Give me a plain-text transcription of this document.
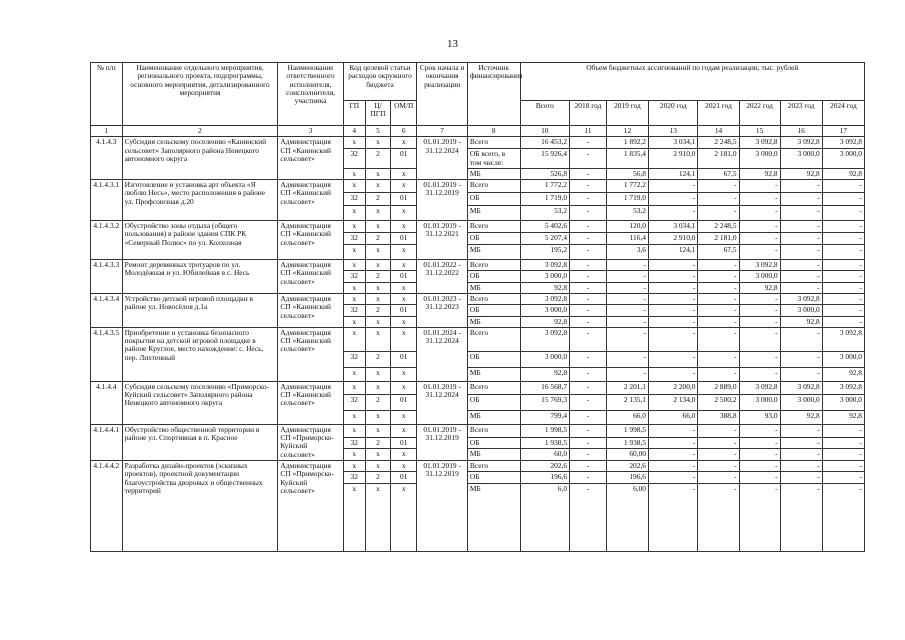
13
№ п/п	Наименование отдельного мероприятия, регионального проекта, подпрограммы, основного мероприятия, детализированного мероприятия	Наименование ответственного исполнителя, соисполнителя, участника	Код целевой статьи расходов окружного бюджета			Срок начала и окончания реализации	Источник финансирования	Объем бюджетных ассигнований по годам реализации, тыс. рублей							
			ГП	Ц/ПГП	ОМ/П			Всего	2018 год	2019 год	2020 год	2021 год	2022 год	2023 год	2024 год
1	2	3	4	5	6	7	8	10	11	12	13	14	15	16	17
4.1.4.3	Субсидия сельскому поселению «Канинский сельсовет» Заполярного района Ненецкого автономного округа	Администрация СП «Канинский сельсовет»	x	x	x	01.01.2019 - 31.12.2024	Всего	16 453,2	-	1 892,2	3 034,1	2 248,5	3 092,8	3 092,8	3 092,8
			32	2	01		ОБ всего, в том числе:	15 926,4	-	1 835,4	2 910,0	2 181,0	3 000,0	3 000,0	3 000,0
			x	x	x		МБ	526,8	-	56,8	124,1	67,5	92,8	92,8	92,8
4.1.4.3.1	Изготовление и установка арт объекта «Я люблю Несь», место расположения в районе ул. Профсоюзная д.20	Администрация СП «Канинский сельсовет»	x	x	x	01.01.2019 - 31.12.2019	Всего	1 772,2	-	1 772,2	-	-	-	-	-
			32	2	01		ОБ	1 719,0	-	1 719,0	-	-	-	-	-
			x	x	x		МБ	53,2	-	53,2	-	-	-	-	-
4.1.4.3.2	Обустройство зоны отдыха (общего пользования) в районе здания СПК РК «Северный Полюс» по ул. Колхозная	Администрация СП «Канинский сельсовет»	x	x	x	01.01.2019 - 31.12.2021	Всего	5 402,6	-	120,0	3 034,1	2 248,5	-	-	-
			32	2	01		ОБ	5 207,4	-	116,4	2 910,0	2 181,0	-	-	-
			x	x	x		МБ	195,2	-	3,6	124,1	67,5	-	-	-
4.1.4.3.3	Ремонт деревянных тротуаров по ул. Молодёжная и ул. Юбилейная в с. Несь	Администрация СП «Канинский сельсовет»	x	x	x	01.01.2022 - 31.12.2022	Всего	3 092,8	-	-	-	-	3 092,8	-	-
			32	2	01		ОБ	3 000,0	-	-	-	-	3 000,0	-	-
			x	x	x		МБ	92,8	-	-	-	-	92,8	-	-
4.1.4.3.4	Устройство детской игровой площадки в районе ул. Новосёлов д.1а	Администрация СП «Канинский сельсовет»	x	x	x	01.01.2023 - 31.12.2023	Всего	3 092,8	-	-	-	-	-	3 092,8	-
			32	2	01		ОБ	3 000,0	-	-	-	-	-	3 000,0	-
			x	x	x		МБ	92,8	-	-	-	-	-	92,8	-
4.1.4.3.5	Приобретение и установка безопасного покрытия на детской игровой площадке в районе Круглое, место нахождение: с. Несь, пер. Лихтенный	Администрация СП «Канинский сельсовет»	x	x	x	01.01.2024 - 31.12.2024	Всего	3 092,8	-	-	-	-	-	-	3 092,8
			32	2	01		ОБ	3 000,0	-	-	-	-	-	-	3 000,0
			x	x	x		МБ	92,8	-	-	-	-	-	-	92,8
4.1.4.4	Субсидия сельскому поселению «Приморско-Куйский сельсовет» Заполярного района Ненецкого автономного округа	Администрация СП «Канинский сельсовет»	x	x	x	01.01.2019 - 31.12.2024	Всего	16 568,7	-	2 201,1	2 200,0	2 889,0	3 092,8	3 092,8	3 092,8
			32	2	01		ОБ	15 769,3	-	2 135,1	2 134,0	2 500,2	3 000,0	3 000,0	3 000,0
			x	x	x		МБ	799,4	-	66,0	66,0	388,8	93,0	92,8	92,8
4.1.4.4.1	Обустройство общественной территории в районе ул. Спортивная в п. Красное	Администрация СП «Приморско-Куйский сельсовет»	x	x	x	01.01.2019 - 31.12.2019	Всего	1 998,5	-	1 998,5	-	-	-	-	-
			32	2	01		ОБ	1 938,5	-	1 938,5	-	-	-	-	-
			x	x	x		МБ	60,0	-	60,00	-	-	-	-	-
4.1.4.4.2	Разработка дизайн-проектов (эскизных проектов), проектной документации благоустройства дворовых и общественных территорий	Администрация СП «Приморско-Куйский сельсовет»	x	x	x	01.01.2019 - 31.12.2019	Всего	202,6	-	202,6	-	-	-	-	-
			32	2	01		ОБ	196,6	-	196,6	-	-	-	-	-
			x	x	x		МБ	6,0	-	6,00	-	-	-	-	-
